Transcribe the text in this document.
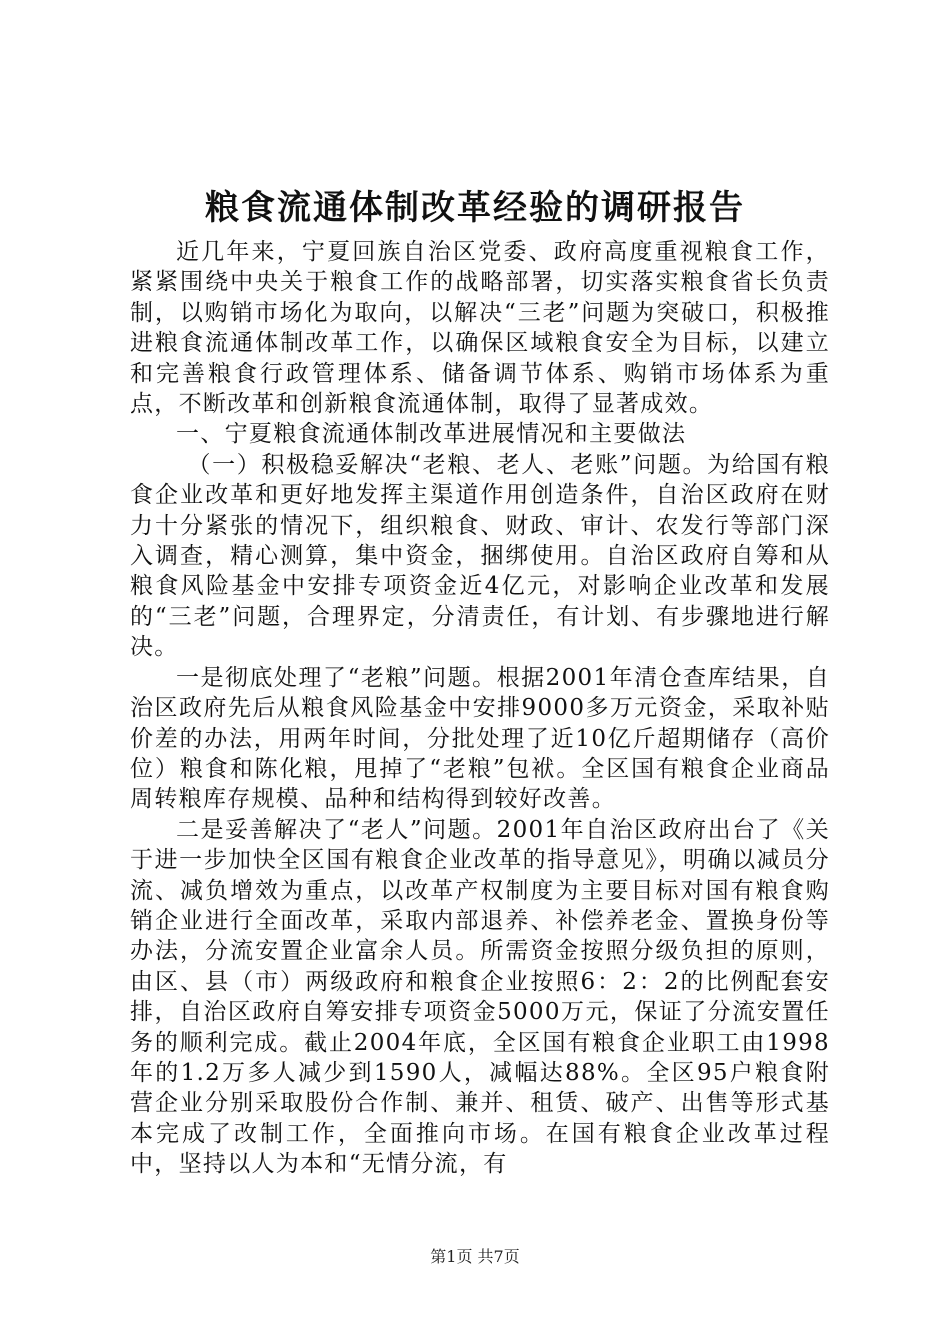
粮食流通体制改革经验的调研报告

近几年来，宁夏回族自治区党委、政府高度重视粮食工作，紧紧围绕中央关于粮食工作的战略部署，切实落实粮食省长负责制，以购销市场化为取向，以解决“三老”问题为突破口，积极推进粮食流通体制改革工作，以确保区域粮食安全为目标，以建立和完善粮食行政管理体系、储备调节体系、购销市场体系为重点，不断改革和创新粮食流通体制，取得了显著成效。

一、宁夏粮食流通体制改革进展情况和主要做法

（一）积极稳妥解决“老粮、老人、老账”问题。为给国有粮食企业改革和更好地发挥主渠道作用创造条件，自治区政府在财力十分紧张的情况下，组织粮食、财政、审计、农发行等部门深入调查，精心测算，集中资金，捆绑使用。自治区政府自筹和从粮食风险基金中安排专项资金近4亿元，对影响企业改革和发展的“三老”问题，合理界定，分清责任，有计划、有步骤地进行解决。

一是彻底处理了“老粮”问题。根据2001年清仓查库结果，自治区政府先后从粮食风险基金中安排9000多万元资金，采取补贴价差的办法，用两年时间，分批处理了近10亿斤超期储存（高价位）粮食和陈化粮，甩掉了“老粮”包袱。全区国有粮食企业商品周转粮库存规模、品种和结构得到较好改善。

二是妥善解决了“老人”问题。2001年自治区政府出台了《关于进一步加快全区国有粮食企业改革的指导意见》，明确以减员分流、减负增效为重点，以改革产权制度为主要目标对国有粮食购销企业进行全面改革，采取内部退养、补偿养老金、置换身份等办法，分流安置企业富余人员。所需资金按照分级负担的原则，由区、县（市）两级政府和粮食企业按照6：2：2的比例配套安排，自治区政府自筹安排专项资金5000万元，保证了分流安置任务的顺利完成。截止2004年底，全区国有粮食企业职工由1998年的1.2万多人减少到1590人，减幅达88%。全区95户粮食附营企业分别采取股份合作制、兼并、租赁、破产、出售等形式基本完成了改制工作，全面推向市场。在国有粮食企业改革过程中，坚持以人为本和“无情分流，有

第1页 共7页
